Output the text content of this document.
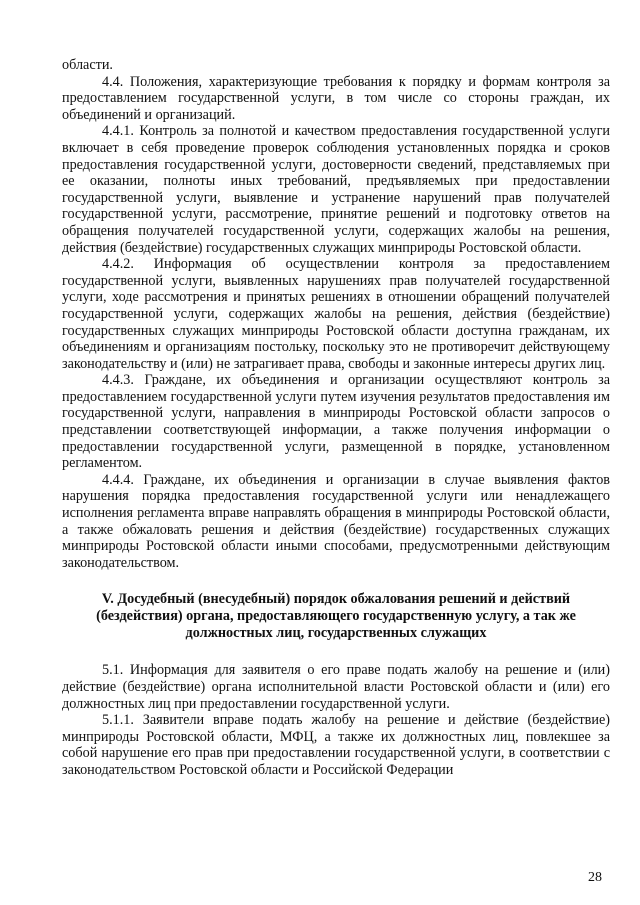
области.

4.4. Положения, характеризующие требования к порядку и формам контроля за предоставлением государственной услуги, в том числе со стороны граждан, их объединений и организаций.

4.4.1. Контроль за полнотой и качеством предоставления государственной услуги включает в себя проведение проверок соблюдения установленных порядка и сроков предоставления государственной услуги, достоверности сведений, представляемых при ее оказании, полноты иных требований, предъявляемых при предоставлении государственной услуги, выявление и устранение нарушений прав получателей государственной услуги, рассмотрение, принятие решений и подготовку ответов на обращения получателей государственной услуги, содержащих жалобы на решения, действия (бездействие) государственных служащих минприроды Ростовской области.

4.4.2. Информация об осуществлении контроля за предоставлением государственной услуги, выявленных нарушениях прав получателей государственной услуги, ходе рассмотрения и принятых решениях в отношении обращений получателей государственной услуги, содержащих жалобы на решения, действия (бездействие) государственных служащих минприроды Ростовской области доступна гражданам, их объединениям и организациям постольку, поскольку это не противоречит действующему законодательству и (или) не затрагивает права, свободы и законные интересы других лиц.

4.4.3. Граждане, их объединения и организации осуществляют контроль за предоставлением государственной услуги путем изучения результатов предоставления им государственной услуги, направления в минприроды Ростовской области запросов о представлении соответствующей информации, а также получения информации о предоставлении государственной услуги, размещенной в порядке, установленном регламентом.

4.4.4. Граждане, их объединения и организации в случае выявления фактов нарушения порядка предоставления государственной услуги или ненадлежащего исполнения регламента вправе направлять обращения в минприроды Ростовской области, а также обжаловать решения и действия (бездействие) государственных служащих минприроды Ростовской области иными способами, предусмотренными действующим законодательством.

V. Досудебный (внесудебный) порядок обжалования решений и действий (бездействия) органа, предоставляющего государственную услугу, а так же должностных лиц, государственных служащих

5.1. Информация для заявителя о его праве подать жалобу на решение и (или) действие (бездействие) органа исполнительной власти Ростовской области и (или) его должностных лиц при предоставлении государственной услуги.

5.1.1. Заявители вправе подать жалобу на решение и действие (бездействие) минприроды Ростовской области, МФЦ, а также их должностных лиц, повлекшее за собой нарушение его прав при предоставлении государственной услуги, в соответствии с законодательством Ростовской области и Российской Федерации

28
